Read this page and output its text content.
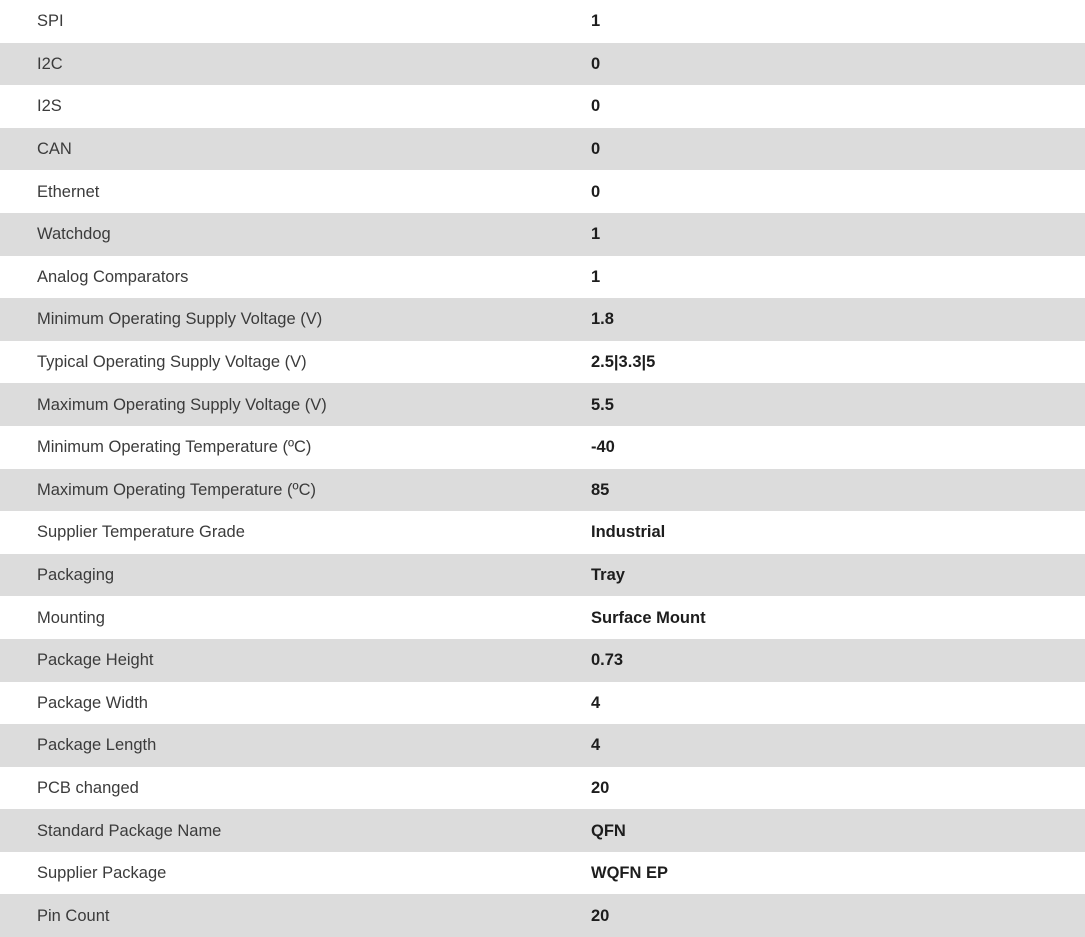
SPI	1
I2C	0
I2S	0
CAN	0
Ethernet	0
Watchdog	1
Analog Comparators	1
Minimum Operating Supply Voltage (V)	1.8
Typical Operating Supply Voltage (V)	2.5|3.3|5
Maximum Operating Supply Voltage (V)	5.5
Minimum Operating Temperature (ºC)	-40
Maximum Operating Temperature (ºC)	85
Supplier Temperature Grade	Industrial
Packaging	Tray
Mounting	Surface Mount
Package Height	0.73
Package Width	4
Package Length	4
PCB changed	20
Standard Package Name	QFN
Supplier Package	WQFN EP
Pin Count	20
